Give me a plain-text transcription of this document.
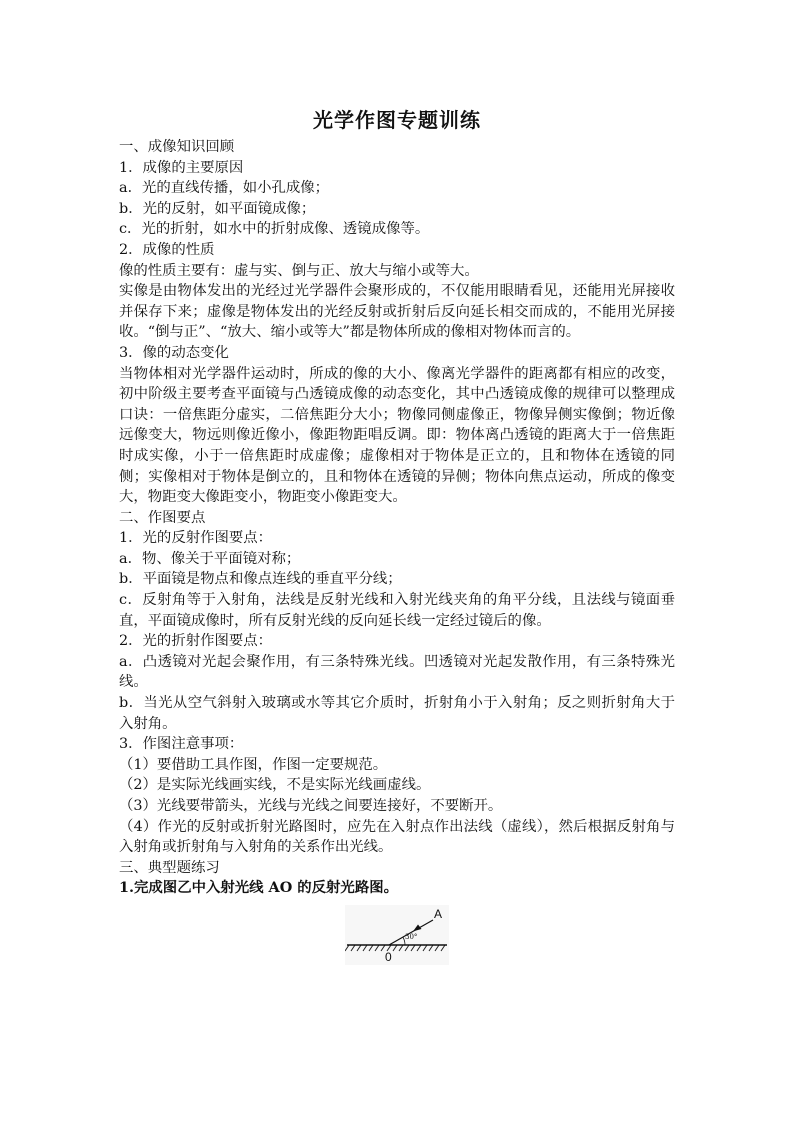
光学作图专题训练

一、成像知识回顾

1．成像的主要原因

a．光的直线传播，如小孔成像；

b．光的反射，如平面镜成像；

c．光的折射，如水中的折射成像、透镜成像等。

2．成像的性质

像的性质主要有：虚与实、倒与正、放大与缩小或等大。

实像是由物体发出的光经过光学器件会聚形成的，不仅能用眼睛看见，还能用光屏接收并保存下来；虚像是物体发出的光经反射或折射后反向延长相交而成的，不能用光屏接收。“倒与正”、“放大、缩小或等大”都是物体所成的像相对物体而言的。

3．像的动态变化

当物体相对光学器件运动时，所成的像的大小、像离光学器件的距离都有相应的改变，初中阶级主要考查平面镜与凸透镜成像的动态变化，其中凸透镜成像的规律可以整理成口诀：一倍焦距分虚实，二倍焦距分大小；物像同侧虚像正，物像异侧实像倒；物近像远像变大，物远则像近像小，像距物距唱反调。即：物体离凸透镜的距离大于一倍焦距时成实像，小于一倍焦距时成虚像；虚像相对于物体是正立的，且和物体在透镜的同侧；实像相对于物体是倒立的，且和物体在透镜的异侧；物体向焦点运动，所成的像变大，物距变大像距变小，物距变小像距变大。

二、作图要点

1．光的反射作图要点：

a．物、像关于平面镜对称；

b．平面镜是物点和像点连线的垂直平分线；

c．反射角等于入射角，法线是反射光线和入射光线夹角的角平分线，且法线与镜面垂直，平面镜成像时，所有反射光线的反向延长线一定经过镜后的像。

2．光的折射作图要点：

a．凸透镜对光起会聚作用，有三条特殊光线。凹透镜对光起发散作用，有三条特殊光线。

b．当光从空气斜射入玻璃或水等其它介质时，折射角小于入射角；反之则折射角大于入射角。

3．作图注意事项：

（1）要借助工具作图，作图一定要规范。

（2）是实际光线画实线，不是实际光线画虚线。

（3）光线要带箭头，光线与光线之间要连接好，不要断开。

（4）作光的反射或折射光路图时，应先在入射点作出法线（虚线），然后根据反射角与入射角或折射角与入射角的关系作出光线。

三、典型题练习

1.完成图乙中入射光线 AO 的反射光路图。

30°
A
0
